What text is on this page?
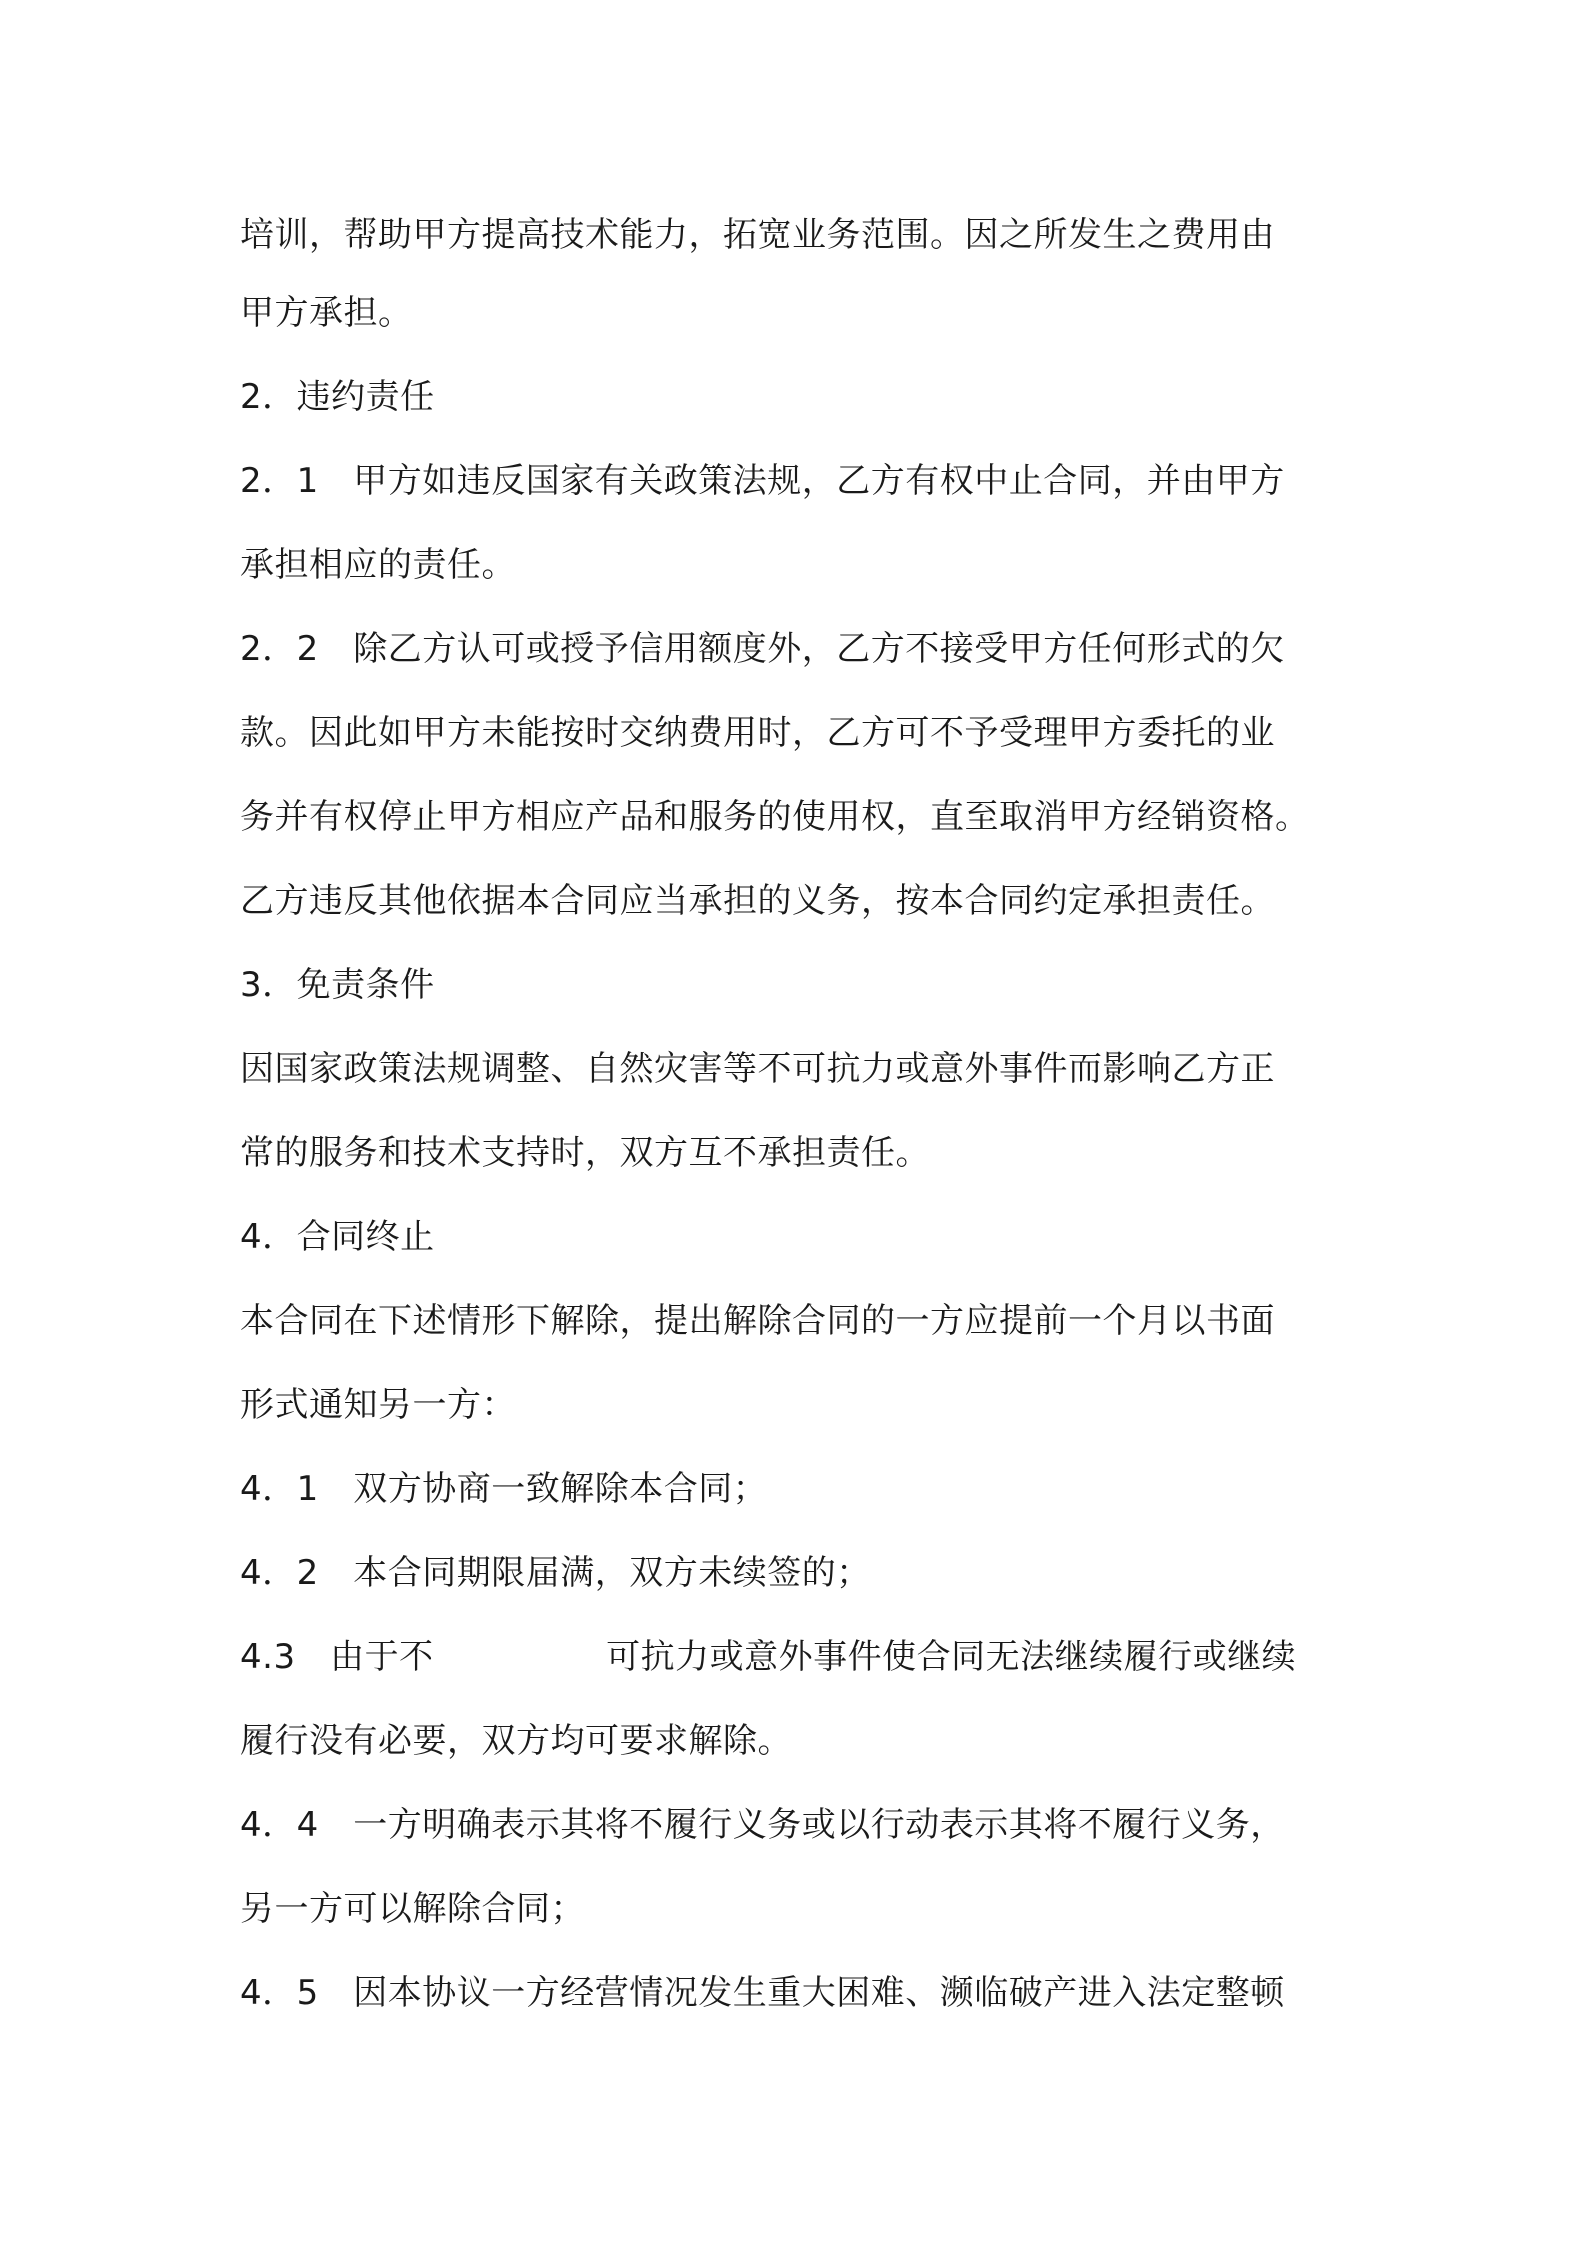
培训，帮助甲方提高技术能力，拓宽业务范围。因之所发生之费用由

甲方承担。

2．违约责任

2．1　甲方如违反国家有关政策法规，乙方有权中止合同，并由甲方

承担相应的责任。

2．2　除乙方认可或授予信用额度外，乙方不接受甲方任何形式的欠

款。因此如甲方未能按时交纳费用时，乙方可不予受理甲方委托的业

务并有权停止甲方相应产品和服务的使用权，直至取消甲方经销资格。

乙方违反其他依据本合同应当承担的义务，按本合同约定承担责任。

3．免责条件

因国家政策法规调整、自然灾害等不可抗力或意外事件而影响乙方正

常的服务和技术支持时，双方互不承担责任。

4．合同终止

本合同在下述情形下解除，提出解除合同的一方应提前一个月以书面

形式通知另一方：

4．1　双方协商一致解除本合同；

4．2　本合同期限届满，双方未续签的；

4.3　由于不　　　　　可抗力或意外事件使合同无法继续履行或继续

履行没有必要，双方均可要求解除。

4．4　一方明确表示其将不履行义务或以行动表示其将不履行义务，

另一方可以解除合同；

4．5　因本协议一方经营情况发生重大困难、濒临破产进入法定整顿
